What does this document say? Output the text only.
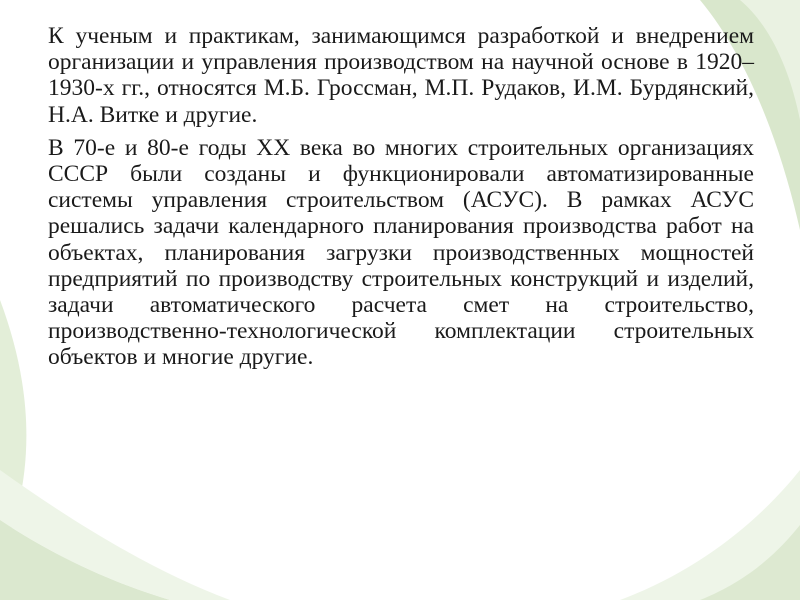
К ученым и практикам, занимающимся разработкой и внедрением организации и управления производством на научной основе в 1920– 1930-х гг., относятся М.Б. Гроссман, М.П. Рудаков, И.М. Бурдянский, Н.А. Витке и другие.

В 70-е и 80-е годы XX века во многих строительных организациях СССР были созданы и функционировали автоматизированные системы управления строительством (АСУС). В рамках АСУС решались задачи календарного планирования производства работ на объектах, планирования загрузки производственных мощностей предприятий по производству строительных конструкций и изделий, задачи автоматического расчета смет на строительство, производственно-технологической комплектации строительных объектов и многие другие.
